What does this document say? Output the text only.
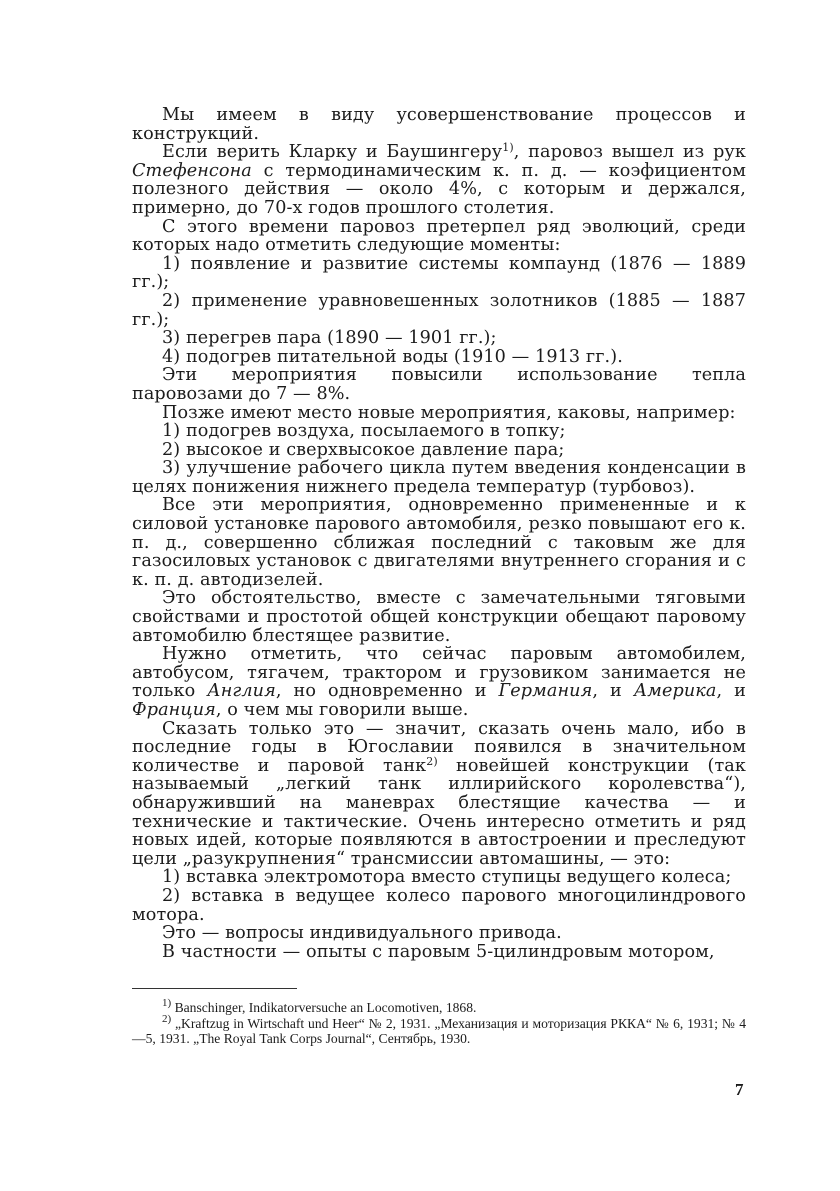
Мы имеем в виду усовершенствование процессов и конструкций.

Если верить Кларку и Баушингеру$^{1)}$, паровоз вышел из рук Стефенсона с термодинамическим к. п. д. — коэфициентом полезного действия — около 4%, с которым и держался, примерно, до 70-х годов прошлого столетия.

С этого времени паровоз претерпел ряд эволюций, среди которых надо отметить следующие моменты:

1) появление и развитие системы компаунд (1876 — 1889 гг.);

2) применение уравновешенных золотников (1885 — 1887 гг.);

3) перегрев пара (1890 — 1901 гг.);

4) подогрев питательной воды (1910 — 1913 гг.).

Эти мероприятия повысили использование тепла паровозами до 7 — 8%.

Позже имеют место новые мероприятия, каковы, например:

1) подогрев воздуха, посылаемого в топку;

2) высокое и сверхвысокое давление пара;

3) улучшение рабочего цикла путем введения конденсации в целях понижения нижнего предела температур (турбовоз).

Все эти мероприятия, одновременно примененные и к силовой установке парового автомобиля, резко повышают его к. п. д., совершенно сближая последний с таковым же для газосиловых установок с двигателями внутреннего сгорания и с к. п. д. автодизелей.

Это обстоятельство, вместе с замечательными тяговыми свойствами и простотой общей конструкции обещают паровому автомобилю блестящее развитие.

Нужно отметить, что сейчас паровым автомобилем, автобусом, тягачем, трактором и грузовиком занимается не только Англия, но одновременно и Германия, и Америка, и Франция, о чем мы говорили выше.

Сказать только это — значит, сказать очень мало, ибо в последние годы в Югославии появился в значительном количестве и паровой танк$^{2)}$ новейшей конструкции (так называемый „легкий танк иллирийского королевства“), обнаруживший на маневрах блестящие качества — и технические и тактические. Очень интересно отметить и ряд новых идей, которые появляются в автостроении и преследуют цели „разукрупнения“ трансмиссии автомашины, — это:

1) вставка электромотора вместо ступицы ведущего колеса;

2) вставка в ведущее колесо парового многоцилиндрового мотора.

Это — вопросы индивидуального привода.

В частности — опыты с паровым 5-цилиндровым мотором,

$^{1)}$ Banschinger, Indikatorversuche an Locomotiven, 1868.

$^{2)}$ „Kraftzug in Wirtschaft und Heer“ № 2, 1931. „Механизация и моторизация РККА“ № 6, 1931; № 4—5, 1931. „The Royal Tank Corps Journal“, Сентябрь, 1930.

7
